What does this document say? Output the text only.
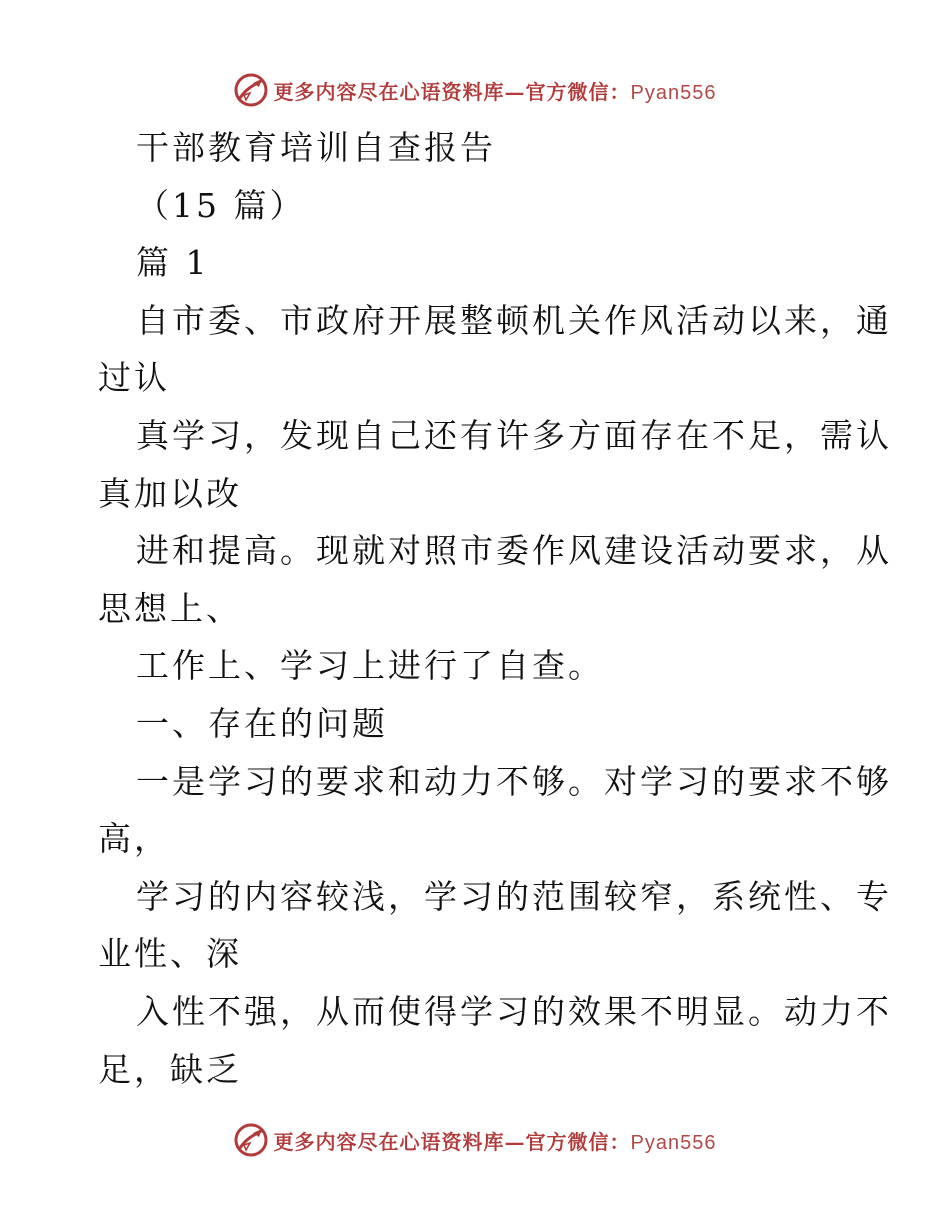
更多内容尽在心语资料库—官方微信：Pyan556
干部教育培训自查报告
（15 篇）
篇 1
自市委、市政府开展整顿机关作风活动以来，通
过认
真学习，发现自己还有许多方面存在不足，需认
真加以改
进和提高。现就对照市委作风建设活动要求，从
思想上、
工作上、学习上进行了自查。
一、存在的问题
一是学习的要求和动力不够。对学习的要求不够
高，
学习的内容较浅，学习的范围较窄，系统性、专
业性、深
入性不强，从而使得学习的效果不明显。动力不
足，缺乏
更多内容尽在心语资料库—官方微信：Pyan556
